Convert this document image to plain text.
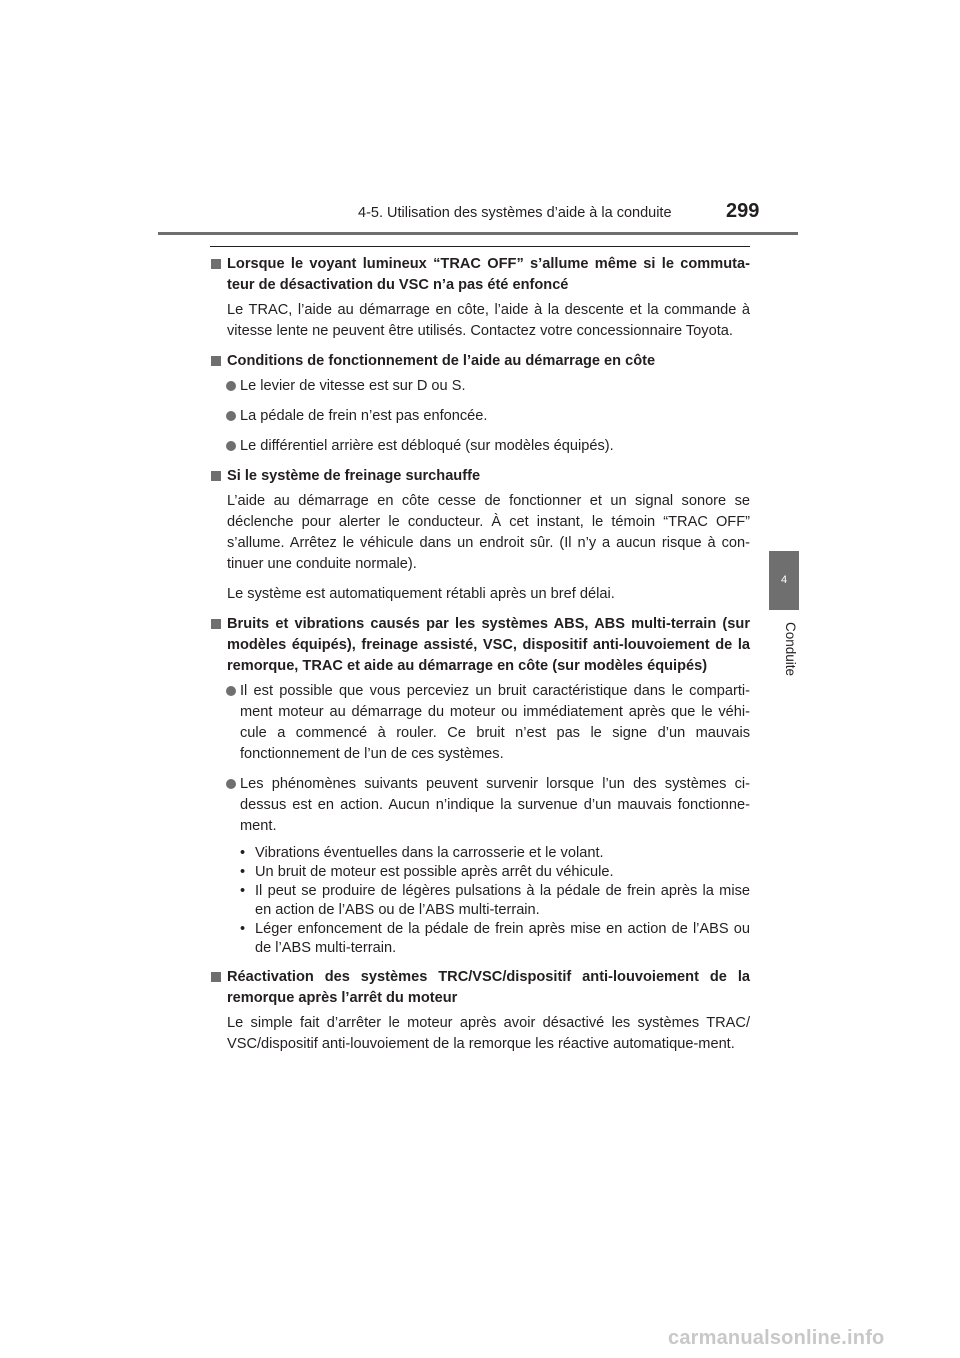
4-5. Utilisation des systèmes d’aide à la conduite	299
4
Conduite
Lorsque le voyant lumineux “TRAC OFF” s’allume même si le commuta-teur de désactivation du VSC n’a pas été enfoncé
Le TRAC, l’aide au démarrage en côte, l’aide à la descente et la commande à vitesse lente ne peuvent être utilisés. Contactez votre concessionnaire Toyota.
Conditions de fonctionnement de l’aide au démarrage en côte
Le levier de vitesse est sur D ou S.
La pédale de frein n’est pas enfoncée.
Le différentiel arrière est débloqué (sur modèles équipés).
Si le système de freinage surchauffe
L’aide au démarrage en côte cesse de fonctionner et un signal sonore se déclenche pour alerter le conducteur. À cet instant, le témoin “TRAC OFF” s’allume. Arrêtez le véhicule dans un endroit sûr. (Il n’y a aucun risque à con-tinuer une conduite normale).
Le système est automatiquement rétabli après un bref délai.
Bruits et vibrations causés par les systèmes ABS, ABS multi-terrain (sur modèles équipés), freinage assisté, VSC, dispositif anti-louvoiement de la remorque, TRAC et aide au démarrage en côte (sur modèles équipés)
Il est possible que vous perceviez un bruit caractéristique dans le comparti-ment moteur au démarrage du moteur ou immédiatement après que le véhi-cule a commencé à rouler. Ce bruit n’est pas le signe d’un mauvais fonctionnement de l’un de ces systèmes.
Les phénomènes suivants peuvent survenir lorsque l’un des systèmes ci-dessus est en action. Aucun n’indique la survenue d’un mauvais fonctionne-ment.
• Vibrations éventuelles dans la carrosserie et le volant.
• Un bruit de moteur est possible après arrêt du véhicule.
• Il peut se produire de légères pulsations à la pédale de frein après la mise en action de l’ABS ou de l’ABS multi-terrain.
• Léger enfoncement de la pédale de frein après mise en action de l’ABS ou de l’ABS multi-terrain.
Réactivation des systèmes TRC/VSC/dispositif anti-louvoiement de la remorque après l’arrêt du moteur
Le simple fait d’arrêter le moteur après avoir désactivé les systèmes TRAC/ VSC/dispositif anti-louvoiement de la remorque les réactive automatique-ment.
carmanualsonline.info
